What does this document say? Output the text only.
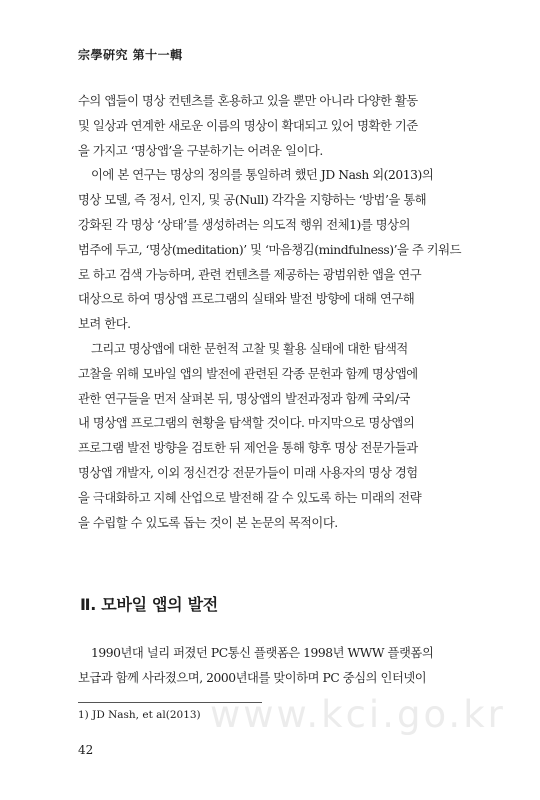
宗學硏究 第十一輯

수의 앱들이 명상 컨텐츠를 혼용하고 있을 뿐만 아니라 다양한 활동
및 일상과 연계한 새로운 이름의 명상이 확대되고 있어 명확한 기준
을 가지고 ‘명상앱’을 구분하기는 어려운 일이다.

이에 본 연구는 명상의 정의를 통일하려 했던 JD Nash 외(2013)의
명상 모델, 즉 정서, 인지, 및 공(Null) 각각을 지향하는 ‘방법’을 통해
강화된 각 명상 ‘상태’를 생성하려는 의도적 행위 전체1)를 명상의
범주에 두고, ‘명상(meditation)’ 및 ‘마음챙김(mindfulness)’을 주 키워드
로 하고 검색 가능하며, 관련 컨텐츠를 제공하는 광범위한 앱을 연구
대상으로 하여 명상앱 프로그램의 실태와 발전 방향에 대해 연구해
보려 한다.

그리고 명상앱에 대한 문헌적 고찰 및 활용 실태에 대한 탐색적
고찰을 위해 모바일 앱의 발전에 관련된 각종 문헌과 함께 명상앱에
관한 연구들을 먼저 살펴본 뒤, 명상앱의 발전과정과 함께 국외/국
내 명상앱 프로그램의 현황을 탐색할 것이다. 마지막으로 명상앱의
프로그램 발전 방향을 검토한 뒤 제언을 통해 향후 명상 전문가들과
명상앱 개발자, 이외 정신건강 전문가들이 미래 사용자의 명상 경험
을 극대화하고 지혜 산업으로 발전해 갈 수 있도록 하는 미래의 전략
을 수립할 수 있도록 돕는 것이 본 논문의 목적이다.

Ⅱ. 모바일 앱의 발전
1990년대 널리 퍼졌던 PC통신 플랫폼은 1998년 WWW 플랫폼의
보급과 함께 사라졌으며, 2000년대를 맞이하며 PC 중심의 인터넷이
www.kci.go.kr
1) JD Nash, et al(2013)
42
